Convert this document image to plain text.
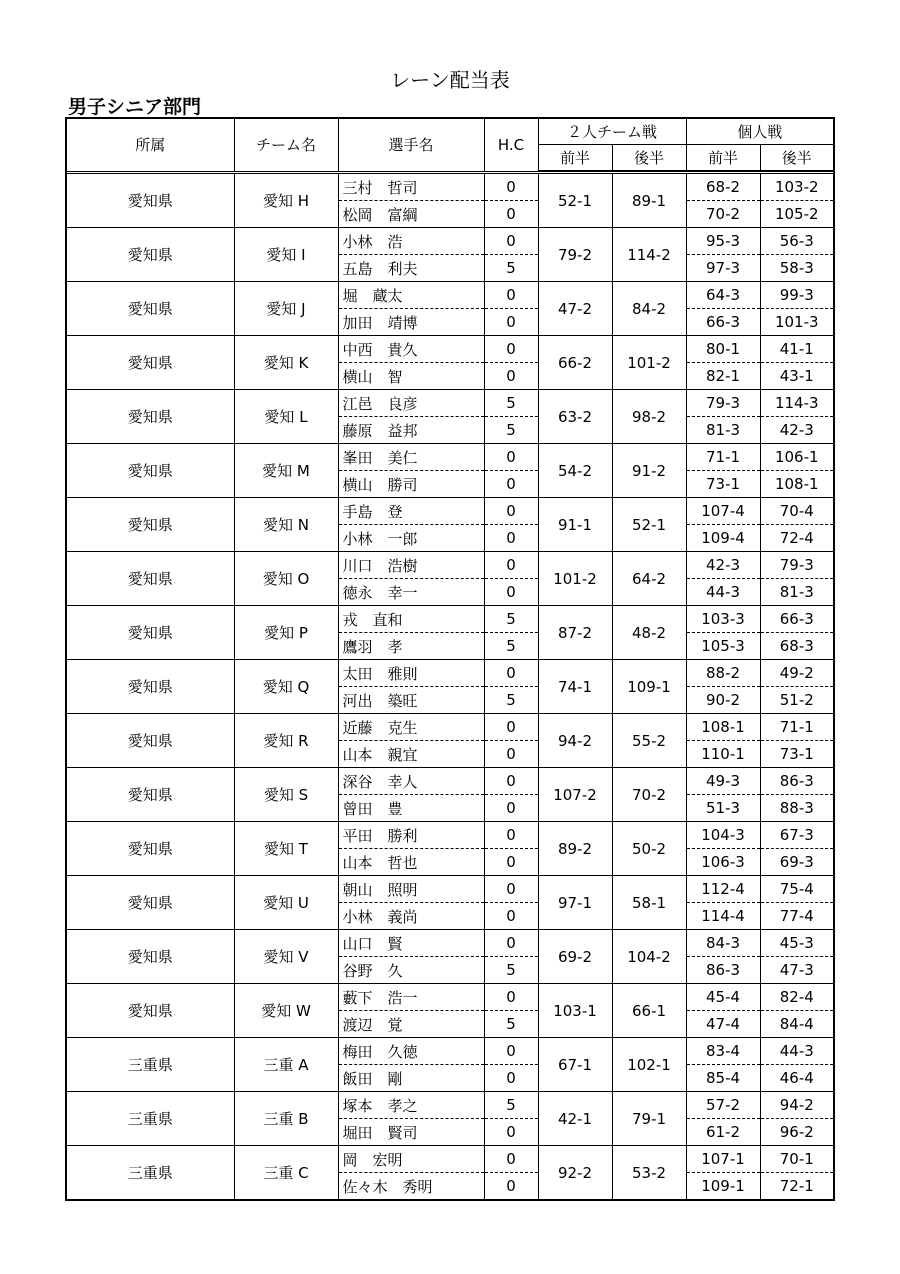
レーン配当表
男子シニア部門
所属	チーム名	選手名	H.C	２人チーム戦		個人戦	
				前半	後半	前半	後半

愛知県	愛知 H	三村　哲司	0	52-1	89-1	68-2	103-2
		松岡　富綱	0			70-2	105-2
愛知県	愛知 I	小林　浩	0	79-2	114-2	95-3	56-3
		五島　利夫	5			97-3	58-3
愛知県	愛知 J	堀　蔵太	0	47-2	84-2	64-3	99-3
		加田　靖博	0			66-3	101-3
愛知県	愛知 K	中西　貴久	0	66-2	101-2	80-1	41-1
		横山　智	0			82-1	43-1
愛知県	愛知 L	江邑　良彦	5	63-2	98-2	79-3	114-3
		藤原　益邦	5			81-3	42-3
愛知県	愛知 M	峯田　美仁	0	54-2	91-2	71-1	106-1
		横山　勝司	0			73-1	108-1
愛知県	愛知 N	手島　登	0	91-1	52-1	107-4	70-4
		小林　一郎	0			109-4	72-4
愛知県	愛知 O	川口　浩樹	0	101-2	64-2	42-3	79-3
		徳永　幸一	0			44-3	81-3
愛知県	愛知 P	戎　直和	5	87-2	48-2	103-3	66-3
		鷹羽　孝	5			105-3	68-3
愛知県	愛知 Q	太田　雅則	0	74-1	109-1	88-2	49-2
		河出　築旺	5			90-2	51-2
愛知県	愛知 R	近藤　克生	0	94-2	55-2	108-1	71-1
		山本　親宜	0			110-1	73-1
愛知県	愛知 S	深谷　幸人	0	107-2	70-2	49-3	86-3
		曾田　豊	0			51-3	88-3
愛知県	愛知 T	平田　勝利	0	89-2	50-2	104-3	67-3
		山本　哲也	0			106-3	69-3
愛知県	愛知 U	朝山　照明	0	97-1	58-1	112-4	75-4
		小林　義尚	0			114-4	77-4
愛知県	愛知 V	山口　賢	0	69-2	104-2	84-3	45-3
		谷野　久	5			86-3	47-3
愛知県	愛知 W	藪下　浩一	0	103-1	66-1	45-4	82-4
		渡辺　覚	5			47-4	84-4
三重県	三重 A	梅田　久徳	0	67-1	102-1	83-4	44-3
		飯田　剛	0			85-4	46-4
三重県	三重 B	塚本　孝之	5	42-1	79-1	57-2	94-2
		堀田　賢司	0			61-2	96-2
三重県	三重 C	岡　宏明	0	92-2	53-2	107-1	70-1
		佐々木　秀明	0			109-1	72-1
